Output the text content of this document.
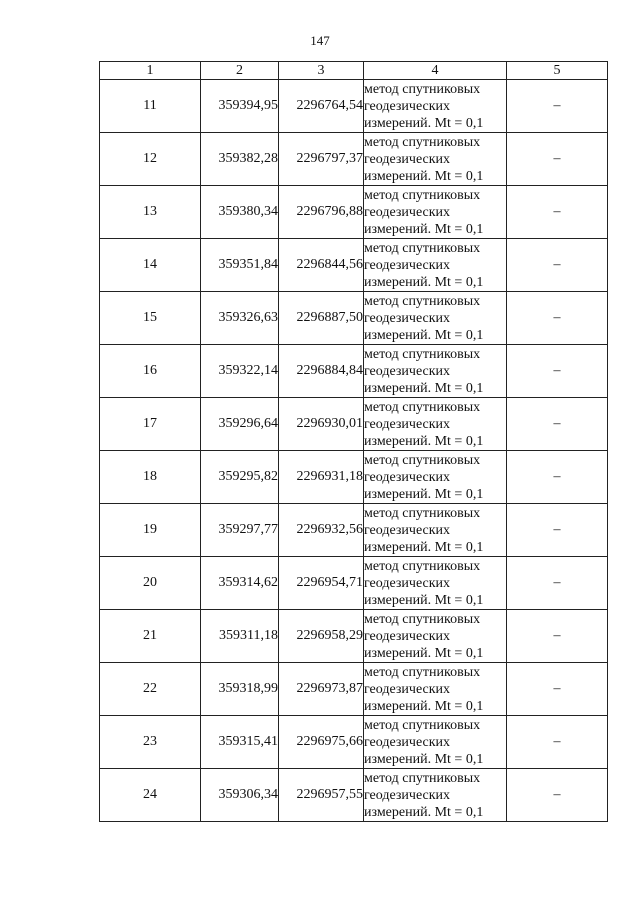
147
1	2	3	4	5
11	359394,95	2296764,54	метод спутниковых
геодезических
измерений. Mt = 0,1	–
12	359382,28	2296797,37	метод спутниковых
геодезических
измерений. Mt = 0,1	–
13	359380,34	2296796,88	метод спутниковых
геодезических
измерений. Mt = 0,1	–
14	359351,84	2296844,56	метод спутниковых
геодезических
измерений. Mt = 0,1	–
15	359326,63	2296887,50	метод спутниковых
геодезических
измерений. Mt = 0,1	–
16	359322,14	2296884,84	метод спутниковых
геодезических
измерений. Mt = 0,1	–
17	359296,64	2296930,01	метод спутниковых
геодезических
измерений. Mt = 0,1	–
18	359295,82	2296931,18	метод спутниковых
геодезических
измерений. Mt = 0,1	–
19	359297,77	2296932,56	метод спутниковых
геодезических
измерений. Mt = 0,1	–
20	359314,62	2296954,71	метод спутниковых
геодезических
измерений. Mt = 0,1	–
21	359311,18	2296958,29	метод спутниковых
геодезических
измерений. Mt = 0,1	–
22	359318,99	2296973,87	метод спутниковых
геодезических
измерений. Mt = 0,1	–
23	359315,41	2296975,66	метод спутниковых
геодезических
измерений. Mt = 0,1	–
24	359306,34	2296957,55	метод спутниковых
геодезических
измерений. Mt = 0,1	–
